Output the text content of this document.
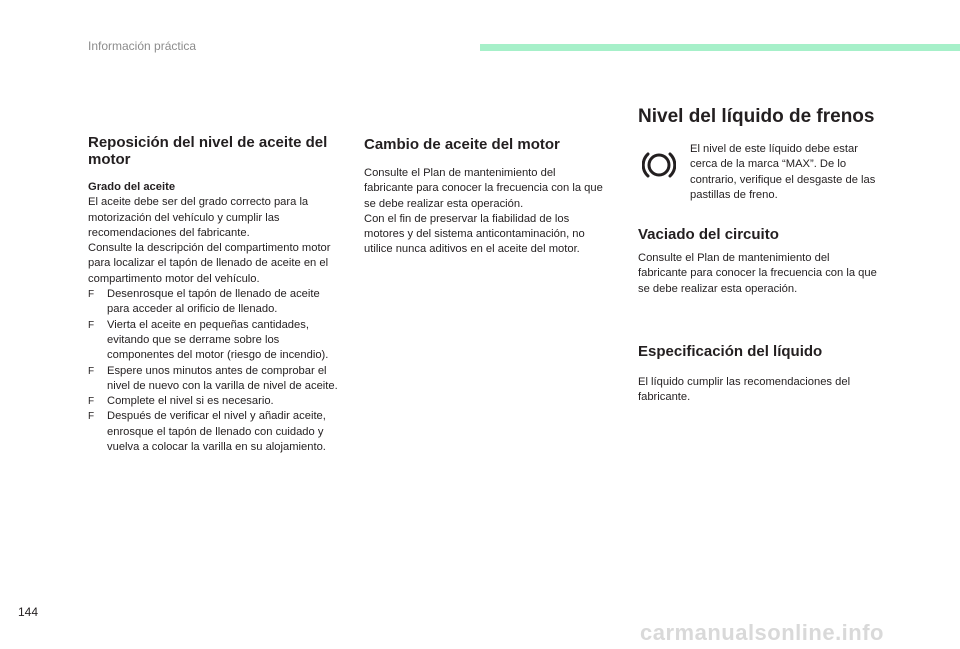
Información práctica
Reposición del nivel de aceite del motor

Grado del aceite

El aceite debe ser del grado correcto para la motorización del vehículo y cumplir las recomendaciones del fabricante.

Consulte la descripción del compartimento motor para localizar el tapón de llenado de aceite en el compartimento motor del vehículo.

F Desenrosque el tapón de llenado de aceite para acceder al orificio de llenado.
F Vierta el aceite en pequeñas cantidades, evitando que se derrame sobre los componentes del motor (riesgo de incendio).
F Espere unos minutos antes de comprobar el nivel de nuevo con la varilla de nivel de aceite.
F Complete el nivel si es necesario.
F Después de verificar el nivel y añadir aceite, enrosque el tapón de llenado con cuidado y vuelva a colocar la varilla en su alojamiento.
Cambio de aceite del motor

Consulte el Plan de mantenimiento del fabricante para conocer la frecuencia con la que se debe realizar esta operación.

Con el fin de preservar la fiabilidad de los motores y del sistema anticontaminación, no utilice nunca aditivos en el aceite del motor.

Nivel del líquido de frenos

El nivel de este líquido debe estar cerca de la marca “MAX”. De lo contrario, verifique el desgaste de las pastillas de freno.

Vaciado del circuito

Consulte el Plan de mantenimiento del fabricante para conocer la frecuencia con la que se debe realizar esta operación.

Especificación del líquido

El líquido cumplir las recomendaciones del fabricante.

144
carmanualsonline.info
